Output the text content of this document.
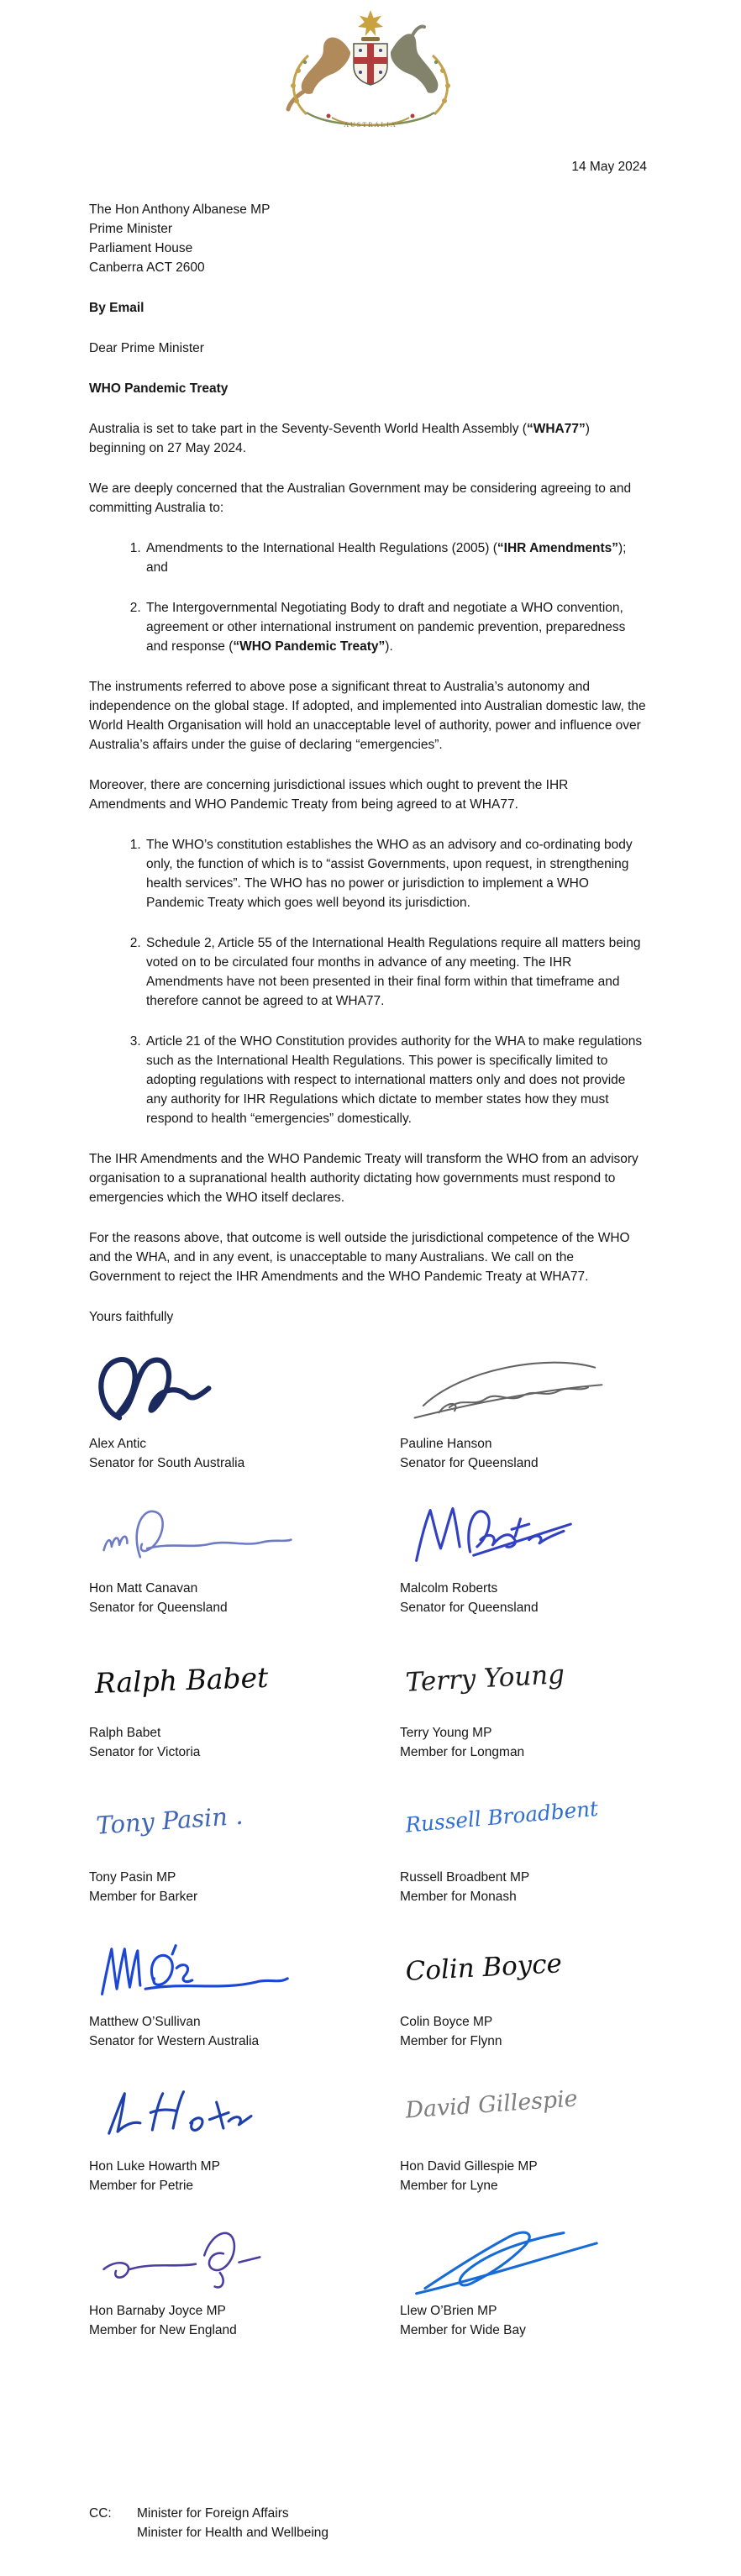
AUSTRALIA
14 May 2024
The Hon Anthony Albanese MP
Prime Minister
Parliament House
Canberra ACT 2600

By Email

Dear Prime Minister

WHO Pandemic Treaty

Australia is set to take part in the Seventy-Seventh World Health Assembly (“WHA77”) beginning on 27 May 2024.

We are deeply concerned that the Australian Government may be considering agreeing to and committing Australia to:

1. Amendments to the International Health Regulations (2005) (“IHR Amendments”); and
2. The Intergovernmental Negotiating Body to draft and negotiate a WHO convention, agreement or other international instrument on pandemic prevention, preparedness and response (“WHO Pandemic Treaty”).

The instruments referred to above pose a significant threat to Australia’s autonomy and independence on the global stage. If adopted, and implemented into Australian domestic law, the World Health Organisation will hold an unacceptable level of authority, power and influence over Australia’s affairs under the guise of declaring “emergencies”.

Moreover, there are concerning jurisdictional issues which ought to prevent the IHR Amendments and WHO Pandemic Treaty from being agreed to at WHA77.

1. The WHO’s constitution establishes the WHO as an advisory and co-ordinating body only, the function of which is to “assist Governments, upon request, in strengthening health services”. The WHO has no power or jurisdiction to implement a WHO Pandemic Treaty which goes well beyond its jurisdiction.
2. Schedule 2, Article 55 of the International Health Regulations require all matters being voted on to be circulated four months in advance of any meeting. The IHR Amendments have not been presented in their final form within that timeframe and therefore cannot be agreed to at WHA77.
3. Article 21 of the WHO Constitution provides authority for the WHA to make regulations such as the International Health Regulations. This power is specifically limited to adopting regulations with respect to international matters only and does not provide any authority for IHR Regulations which dictate to member states how they must respond to health “emergencies” domestically.

The IHR Amendments and the WHO Pandemic Treaty will transform the WHO from an advisory organisation to a supranational health authority dictating how governments must respond to emergencies which the WHO itself declares.

For the reasons above, that outcome is well outside the jurisdictional competence of the WHO and the WHA, and in any event, is unacceptable to many Australians. We call on the Government to reject the IHR Amendments and the WHO Pandemic Treaty at WHA77.

Yours faithfully

Alex Antic
Senator for South Australia
Pauline Hanson
Senator for Queensland
Hon Matt Canavan
Senator for Queensland
Malcolm Roberts
Senator for Queensland
Ralph Babet
Ralph Babet
Senator for Victoria
Terry Young
Terry Young MP
Member for Longman
Tony Pasin .
Tony Pasin MP
Member for Barker
Russell Broadbent
Russell Broadbent MP
Member for Monash
Matthew O’Sullivan
Senator for Western Australia
Colin Boyce
Colin Boyce MP
Member for Flynn
Hon Luke Howarth MP
Member for Petrie
David Gillespie
Hon David Gillespie MP
Member for Lyne
Hon Barnaby Joyce MP
Member for New England
Llew O’Brien MP
Member for Wide Bay
CC:	Minister for Foreign Affairs
Minister for Health and Wellbeing
